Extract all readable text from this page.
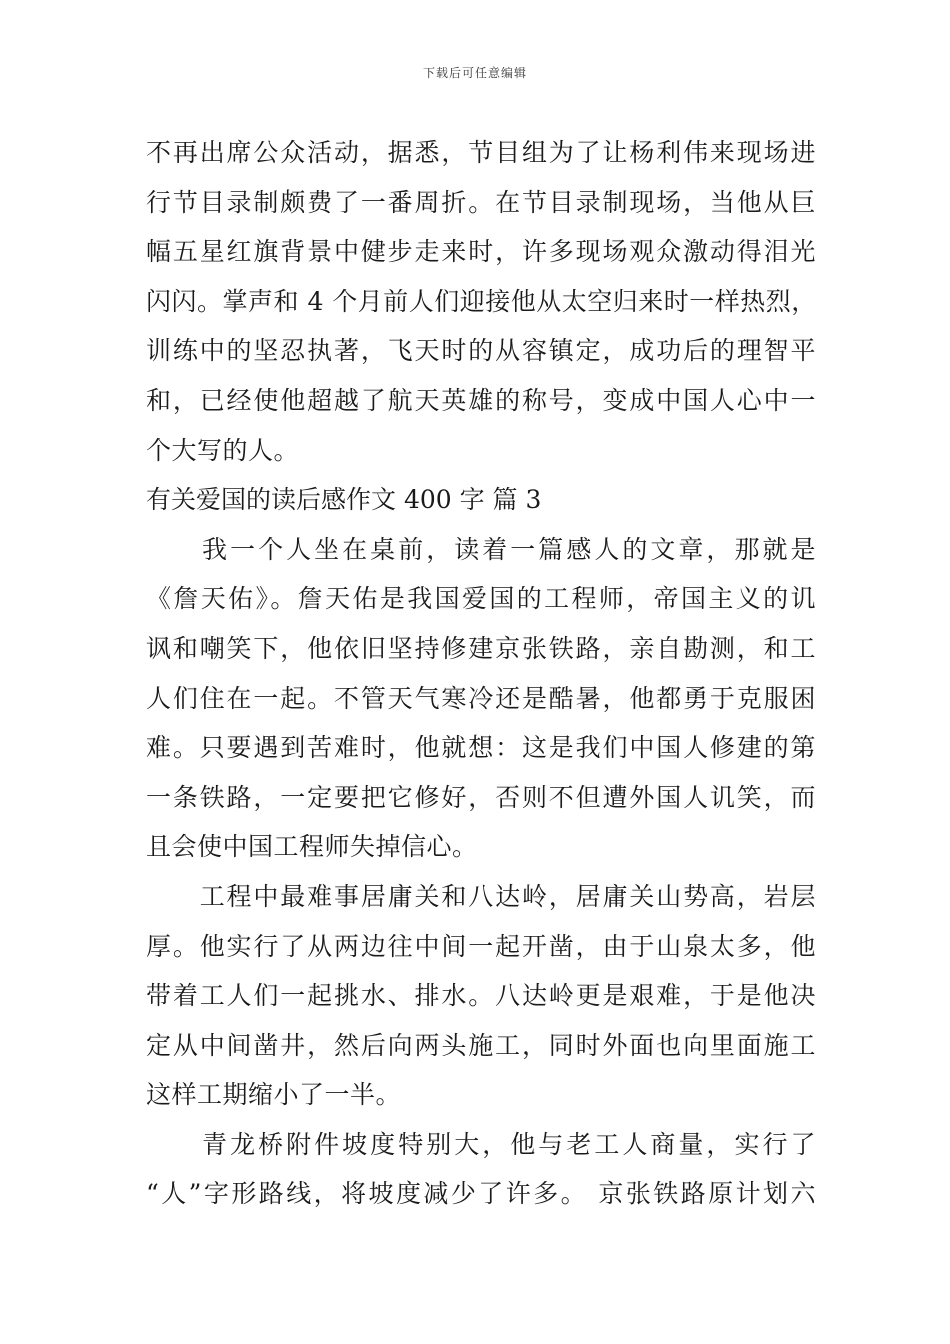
下载后可任意编辑
不再出席公众活动，据悉，节目组为了让杨利伟来现场进
行节目录制颇费了一番周折。在节目录制现场，当他从巨
幅五星红旗背景中健步走来时，许多现场观众激动得泪光
闪闪。掌声和 4 个月前人们迎接他从太空归来时一样热烈，
训练中的坚忍执著，飞天时的从容镇定，成功后的理智平
和，已经使他超越了航天英雄的称号，变成中国人心中一
个大写的人。
有关爱国的读后感作文 400 字 篇 3
　　我一个人坐在桌前，读着一篇感人的文章，那就是
《詹天佑》。詹天佑是我国爱国的工程师，帝国主义的讥
讽和嘲笑下，他依旧坚持修建京张铁路，亲自勘测，和工
人们住在一起。不管天气寒冷还是酷暑，他都勇于克服困
难。只要遇到苦难时，他就想：这是我们中国人修建的第
一条铁路，一定要把它修好，否则不但遭外国人讥笑，而
且会使中国工程师失掉信心。
　　工程中最难事居庸关和八达岭，居庸关山势高，岩层
厚。他实行了从两边往中间一起开凿，由于山泉太多，他
带着工人们一起挑水、排水。八达岭更是艰难，于是他决
定从中间凿井，然后向两头施工，同时外面也向里面施工
这样工期缩小了一半。
　　青龙桥附件坡度特别大，他与老工人商量，实行了
“人”字形路线，将坡度减少了许多。 京张铁路原计划六
